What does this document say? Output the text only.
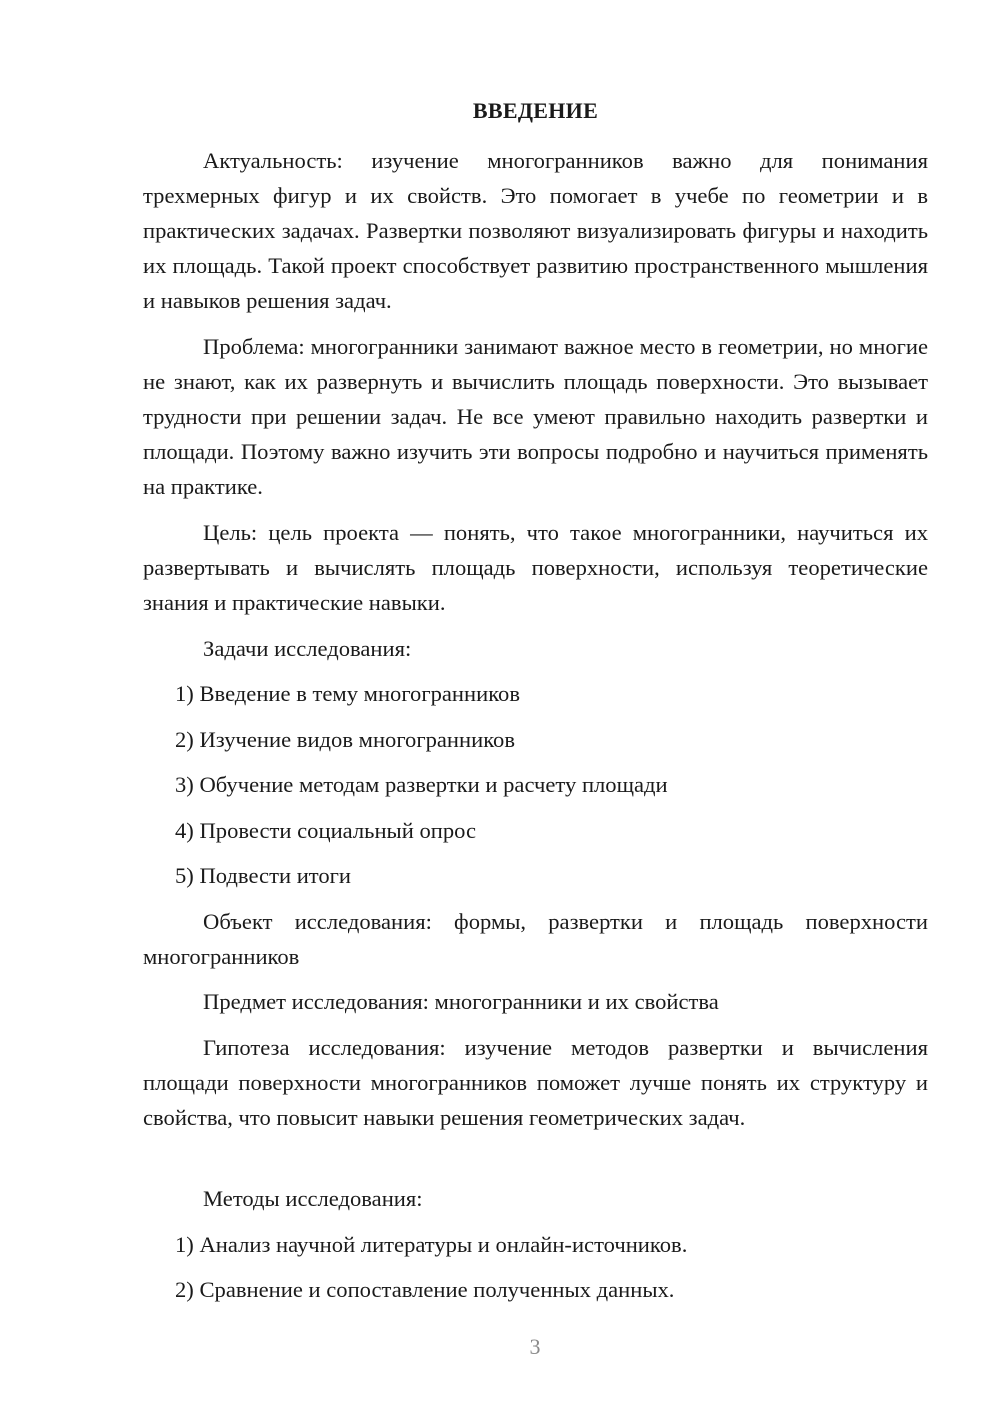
ВВЕДЕНИЕ
Актуальность: изучение многогранников важно для понимания трехмерных фигур и их свойств. Это помогает в учебе по геометрии и в практических задачах. Развертки позволяют визуализировать фигуры и находить их площадь. Такой проект способствует развитию пространственного мышления и навыков решения задач.
Проблема: многогранники занимают важное место в геометрии, но многие не знают, как их развернуть и вычислить площадь поверхности. Это вызывает трудности при решении задач. Не все умеют правильно находить развертки и площади. Поэтому важно изучить эти вопросы подробно и научиться применять на практике.
Цель: цель проекта — понять, что такое многогранники, научиться их развертывать и вычислять площадь поверхности, используя теоретические знания и практические навыки.
Задачи исследования:
1) Введение в тему многогранников
2) Изучение видов многогранников
3) Обучение методам развертки и расчету площади
4) Провести социальный опрос
5) Подвести итоги
Объект исследования: формы, развертки и площадь поверхности многогранников
Предмет исследования: многогранники и их свойства
Гипотеза исследования: изучение методов развертки и вычисления площади поверхности многогранников поможет лучше понять их структуру и свойства, что повысит навыки решения геометрических задач.
Методы исследования:
1) Анализ научной литературы и онлайн-источников.
2) Сравнение и сопоставление полученных данных.
3
